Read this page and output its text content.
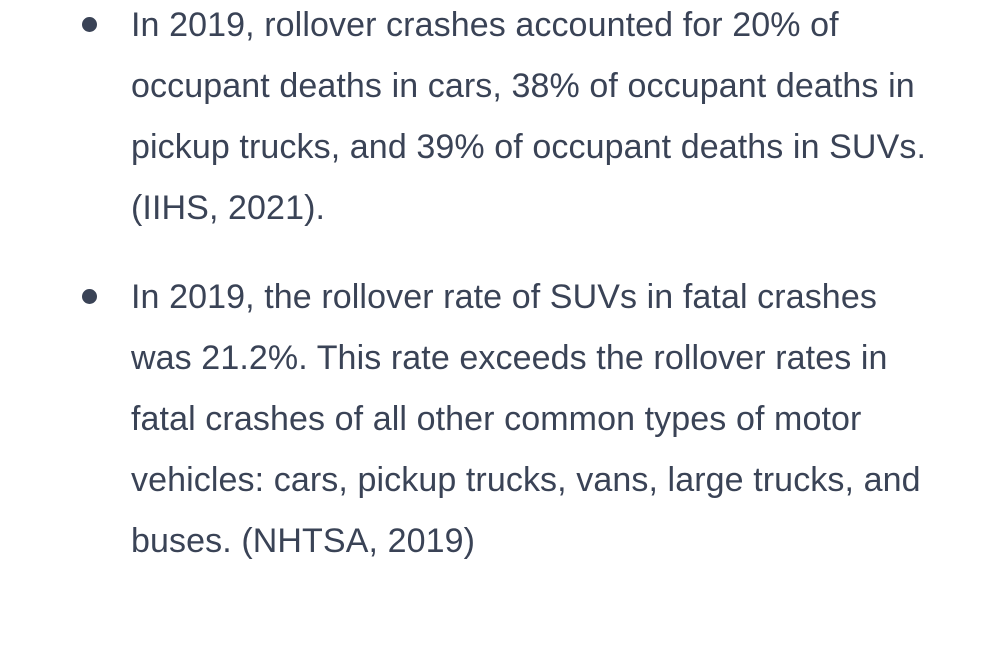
In 2019, rollover crashes accounted for 20% of occupant deaths in cars, 38% of occupant deaths in pickup trucks, and 39% of occupant deaths in SUVs. (IIHS, 2021).
In 2019, the rollover rate of SUVs in fatal crashes was 21.2%. This rate exceeds the rollover rates in fatal crashes of all other common types of motor vehicles: cars, pickup trucks, vans, large trucks, and buses. (NHTSA, 2019)
